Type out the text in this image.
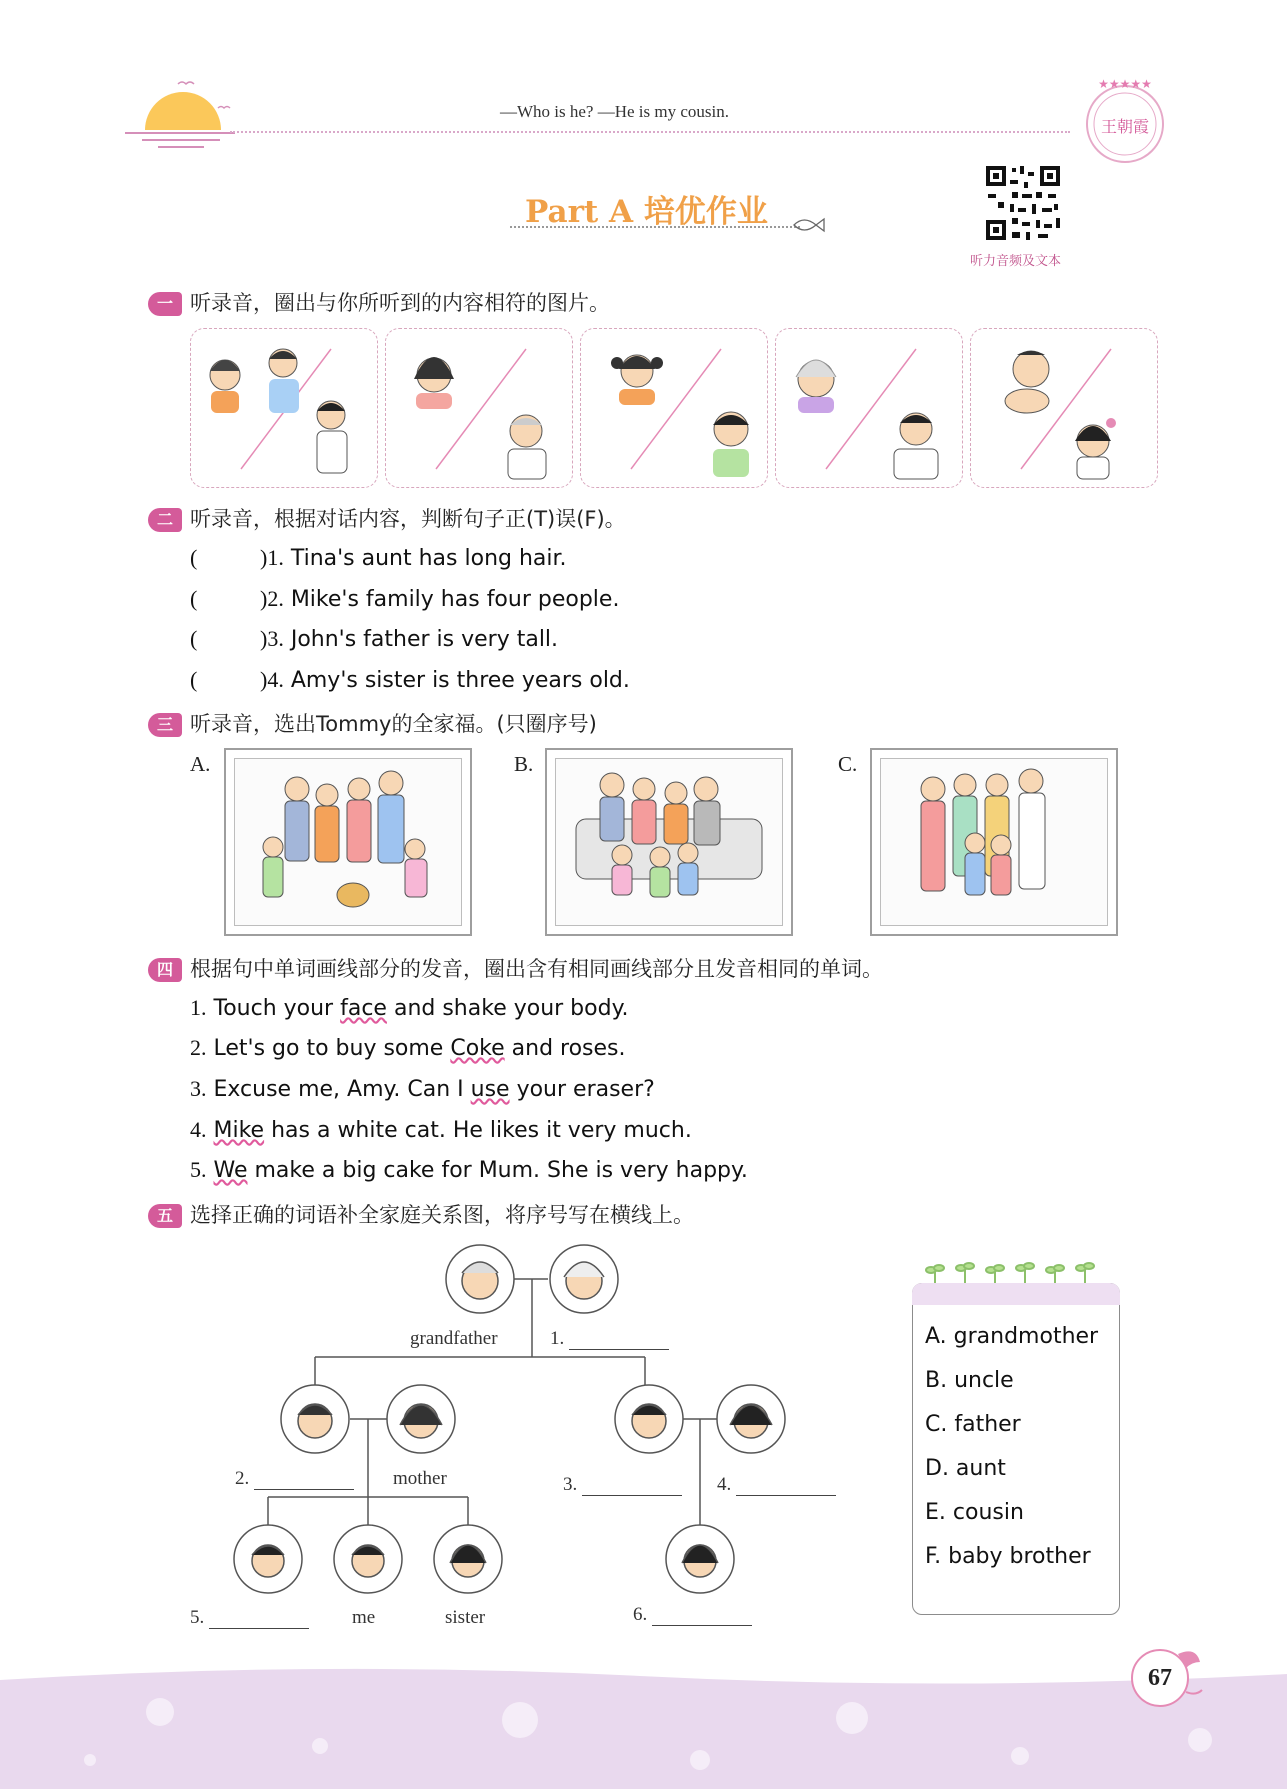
—Who is he? —He is my cousin.
★★★★★
王朝霞
Part A 培优作业
听力音频及文本
一 听录音，圈出与你所听到的内容相符的图片。
二 听录音，根据对话内容，判断句子正(T)误(F)。
(	)1. Tina's aunt has long hair.
(	)2. Mike's family has four people.
(	)3. John's father is very tall.
(	)4. Amy's sister is three years old.
三 听录音，选出Tommy的全家福。(只圈序号)
A.	B.	C.
四 根据句中单词画线部分的发音，圈出含有相同画线部分且发音相同的单词。
1. Touch your face and shake your body.
2. Let's go to buy some Coke and roses.
3. Excuse me, Amy. Can I use your eraser?
4. Mike has a white cat. He likes it very much.
5. We make a big cake for Mum. She is very happy.
五 选择正确的词语补全家庭关系图，将序号写在横线上。
grandfather	1.
2.	mother	3.	4.
5.	me	sister	6.
A. grandmother
B. uncle
C. father
D. aunt
E. cousin
F. baby brother
67
